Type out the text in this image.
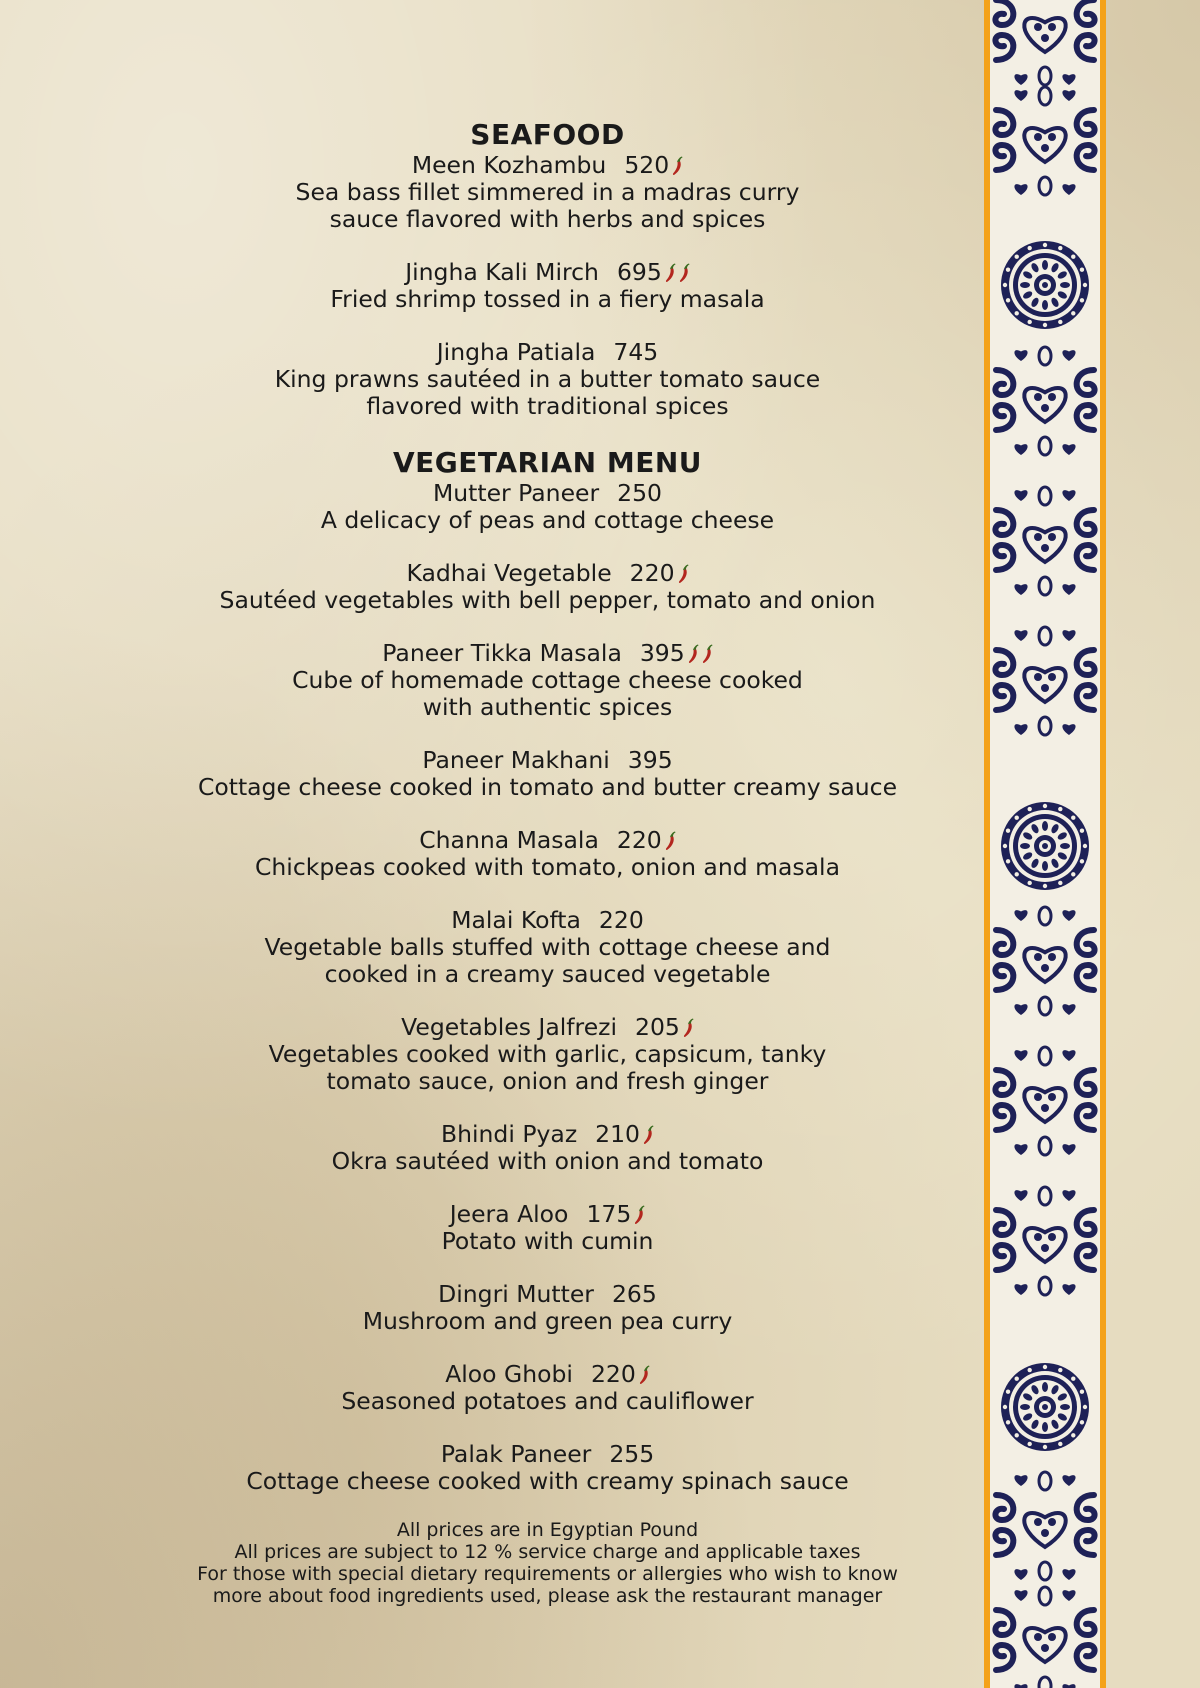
SEAFOOD
Meen Kozhambu 520
Sea bass fillet simmered in a madras curry
sauce flavored with herbs and spices
Jingha Kali Mirch 695
Fried shrimp tossed in a fiery masala
Jingha Patiala 745
King prawns sautéed in a butter tomato sauce
flavored with traditional spices
VEGETARIAN MENU
Mutter Paneer 250
A delicacy of peas and cottage cheese
Kadhai Vegetable 220
Sautéed vegetables with bell pepper, tomato and onion
Paneer Tikka Masala 395
Cube of homemade cottage cheese cooked
with authentic spices
Paneer Makhani 395
Cottage cheese cooked in tomato and butter creamy sauce
Channa Masala 220
Chickpeas cooked with tomato, onion and masala
Malai Kofta 220
Vegetable balls stuffed with cottage cheese and
cooked in a creamy sauced vegetable
Vegetables Jalfrezi 205
Vegetables cooked with garlic, capsicum, tanky
tomato sauce, onion and fresh ginger
Bhindi Pyaz 210
Okra sautéed with onion and tomato
Jeera Aloo 175
Potato with cumin
Dingri Mutter 265
Mushroom and green pea curry
Aloo Ghobi 220
Seasoned potatoes and cauliflower
Palak Paneer 255
Cottage cheese cooked with creamy spinach sauce
All prices are in Egyptian Pound
All prices are subject to 12 % service charge and applicable taxes
For those with special dietary requirements or allergies who wish to know
more about food ingredients used, please ask the restaurant manager
